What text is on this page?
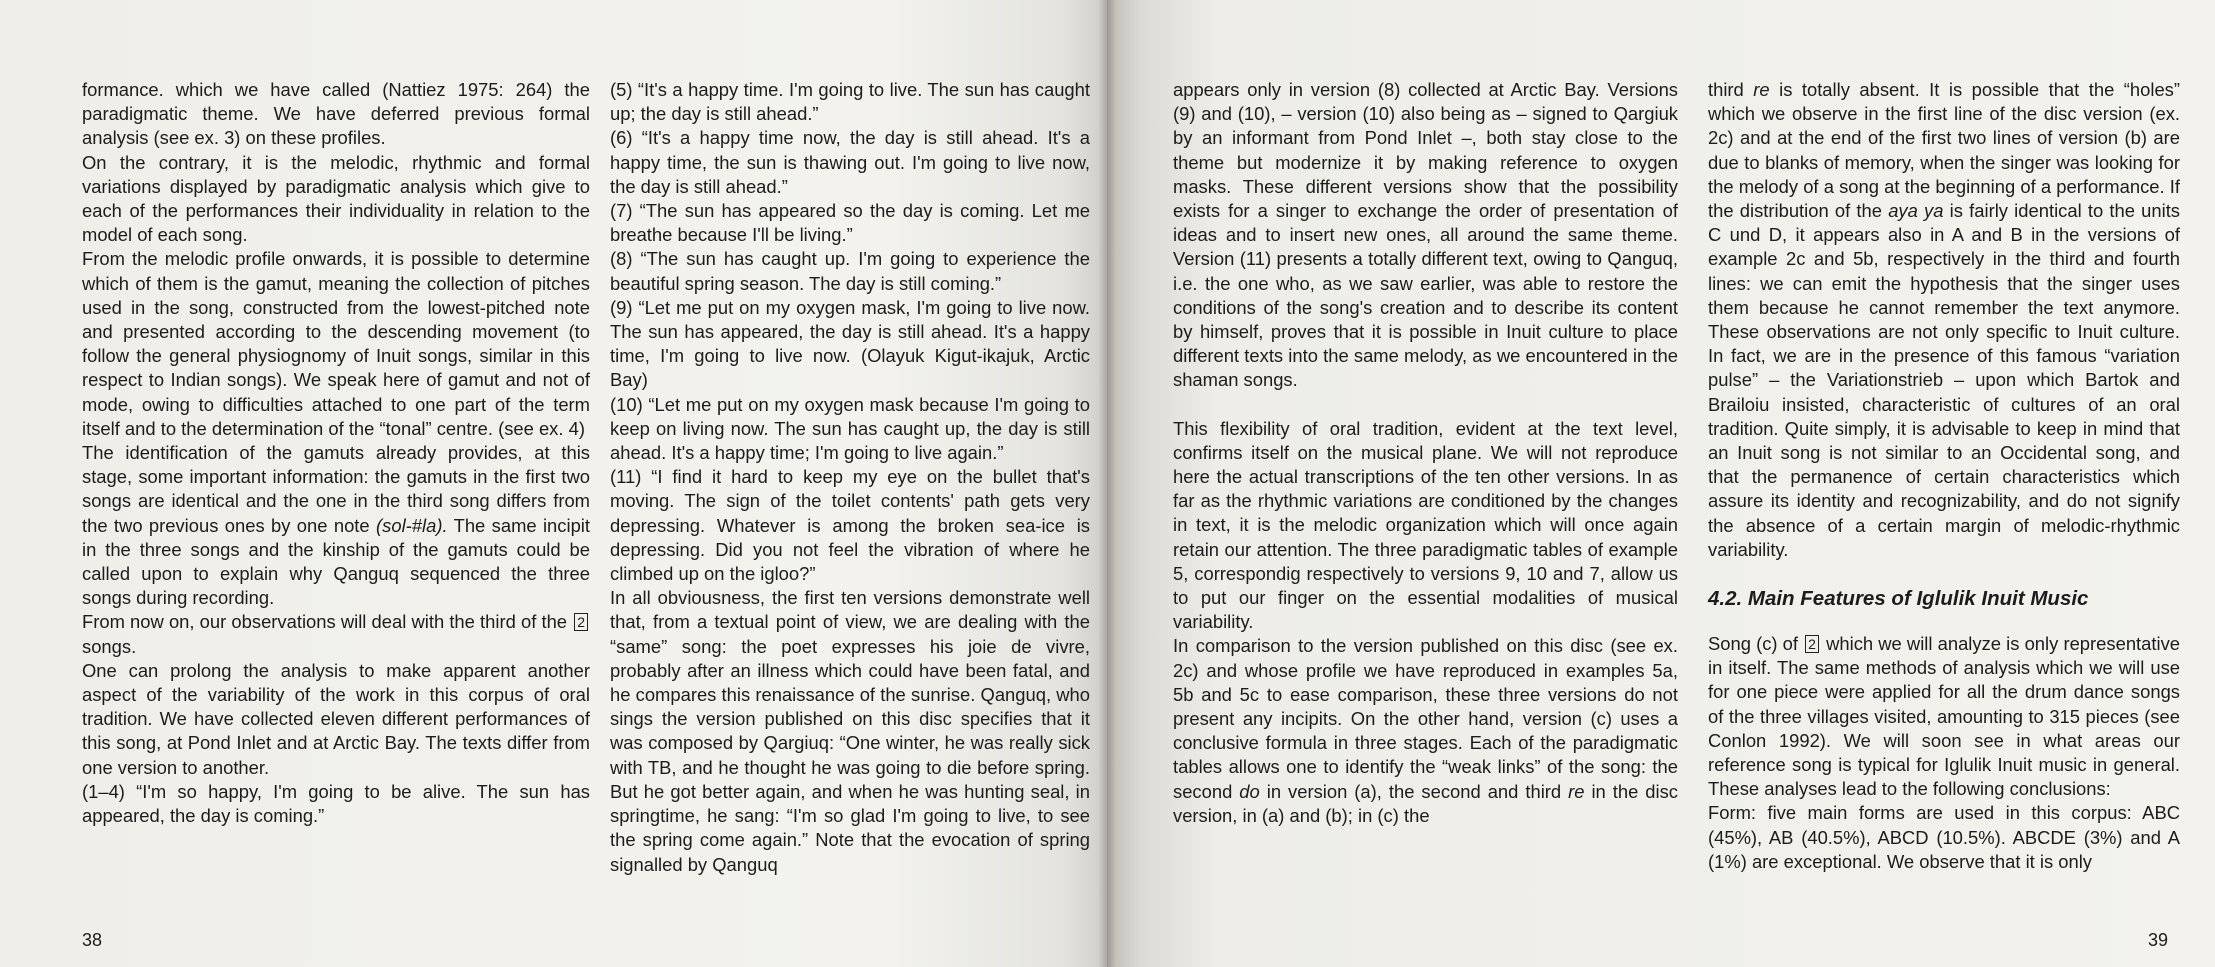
formance. which we have called (Nattiez 1975: 264) the paradigmatic theme. We have deferred previous formal analysis (see ex. 3) on these profiles.

On the contrary, it is the melodic, rhythmic and formal variations displayed by paradigmatic analysis which give to each of the performances their individuality in relation to the model of each song.

From the melodic profile onwards, it is possible to determine which of them is the gamut, meaning the collection of pitches used in the song, constructed from the lowest-pitched note and presented according to the descending movement (to follow the general physiognomy of Inuit songs, similar in this respect to Indian songs). We speak here of gamut and not of mode, owing to difficulties attached to one part of the term itself and to the determination of the “tonal” centre. (see ex. 4)

The identification of the gamuts already provides, at this stage, some important information: the gamuts in the first two songs are identical and the one in the third song differs from the two previous ones by one note (sol-#la). The same incipit in the three songs and the kinship of the gamuts could be called upon to explain why Qanguq sequenced the three songs during recording.

From now on, our observations will deal with the third of the 2 songs.

One can prolong the analysis to make apparent another aspect of the variability of the work in this corpus of oral tradition. We have collected eleven different performances of this song, at Pond Inlet and at Arctic Bay. The texts differ from one version to another.

(1–4) “I'm so happy, I'm going to be alive. The sun has appeared, the day is coming.”

(5) “It's a happy time. I'm going to live. The sun has caught up; the day is still ahead.”

(6) “It's a happy time now, the day is still ahead. It's a happy time, the sun is thawing out. I'm going to live now, the day is still ahead.”

(7) “The sun has appeared so the day is coming. Let me breathe because I'll be living.”

(8) “The sun has caught up. I'm going to experience the beautiful spring season. The day is still coming.”

(9) “Let me put on my oxygen mask, I'm going to live now. The sun has appeared, the day is still ahead. It's a happy time, I'm going to live now. (Olayuk Kigut-ikajuk, Arctic Bay)

(10) “Let me put on my oxygen mask because I'm going to keep on living now. The sun has caught up, the day is still ahead. It's a happy time; I'm going to live again.”

(11) “I find it hard to keep my eye on the bullet that's moving. The sign of the toilet contents' path gets very depressing. Whatever is among the broken sea-ice is depressing. Did you not feel the vibration of where he climbed up on the igloo?”

In all obviousness, the first ten versions demonstrate well that, from a textual point of view, we are dealing with the “same” song: the poet expresses his joie de vivre, probably after an illness which could have been fatal, and he compares this renaissance of the sunrise. Qanguq, who sings the version published on this disc specifies that it was composed by Qargiuq: “One winter, he was really sick with TB, and he thought he was going to die before spring. But he got better again, and when he was hunting seal, in springtime, he sang: “I'm so glad I'm going to live, to see the spring come again.” Note that the evocation of spring signalled by Qanguq

38

appears only in version (8) collected at Arctic Bay. Versions (9) and (10), – version (10) also being as – signed to Qargiuk by an informant from Pond Inlet –, both stay close to the theme but modernize it by making reference to oxygen masks. These different versions show that the possibility exists for a singer to exchange the order of presentation of ideas and to insert new ones, all around the same theme. Version (11) presents a totally different text, owing to Qanguq, i.e. the one who, as we saw earlier, was able to restore the conditions of the song's creation and to describe its content by himself, proves that it is possible in Inuit culture to place different texts into the same melody, as we encountered in the shaman songs.

This flexibility of oral tradition, evident at the text level, confirms itself on the musical plane. We will not reproduce here the actual transcriptions of the ten other versions. In as far as the rhythmic variations are conditioned by the changes in text, it is the melodic organization which will once again retain our attention. The three paradigmatic tables of example 5, correspondig respectively to versions 9, 10 and 7, allow us to put our finger on the essential modalities of musical variability.

In comparison to the version published on this disc (see ex. 2c) and whose profile we have reproduced in examples 5a, 5b and 5c to ease comparison, these three versions do not present any incipits. On the other hand, version (c) uses a conclusive formula in three stages. Each of the paradigmatic tables allows one to identify the “weak links” of the song: the second do in version (a), the second and third re in the disc version, in (a) and (b); in (c) the

third re is totally absent. It is possible that the “holes” which we observe in the first line of the disc version (ex. 2c) and at the end of the first two lines of version (b) are due to blanks of memory, when the singer was looking for the melody of a song at the beginning of a performance. If the distribution of the aya ya is fairly identical to the units C und D, it appears also in A and B in the versions of example 2c and 5b, respectively in the third and fourth lines: we can emit the hypothesis that the singer uses them because he cannot remember the text anymore. These observations are not only specific to Inuit culture. In fact, we are in the presence of this famous “variation pulse” – the Variationstrieb – upon which Bartok and Brailoiu insisted, characteristic of cultures of an oral tradition. Quite simply, it is advisable to keep in mind that an Inuit song is not similar to an Occidental song, and that the permanence of certain characteristics which assure its identity and recognizability, and do not signify the absence of a certain margin of melodic-rhythmic variability.

4.2. Main Features of Iglulik Inuit Music

Song (c) of 2 which we will analyze is only representative in itself. The same methods of analysis which we will use for one piece were applied for all the drum dance songs of the three villages visited, amounting to 315 pieces (see Conlon 1992). We will soon see in what areas our reference song is typical for Iglulik Inuit music in general. These analyses lead to the following conclusions:

Form: five main forms are used in this corpus: ABC (45%), AB (40.5%), ABCD (10.5%). ABCDE (3%) and A (1%) are exceptional. We observe that it is only

39
